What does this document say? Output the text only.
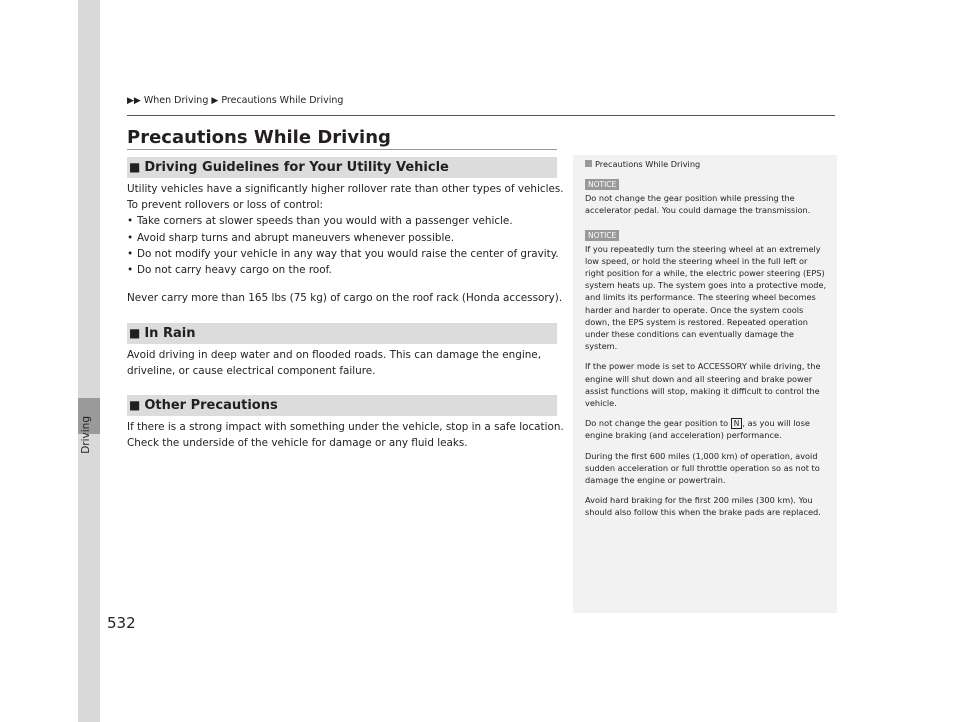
Driving
▶▶ When Driving ▶ Precautions While Driving
Precautions While Driving
■ Driving Guidelines for Your Utility Vehicle

Utility vehicles have a significantly higher rollover rate than other types of vehicles. To prevent rollovers or loss of control:

• Take corners at slower speeds than you would with a passenger vehicle.
• Avoid sharp turns and abrupt maneuvers whenever possible.
• Do not modify your vehicle in any way that you would raise the center of gravity.
• Do not carry heavy cargo on the roof.

Never carry more than 165 lbs (75 kg) of cargo on the roof rack (Honda accessory).

■ In Rain

Avoid driving in deep water and on flooded roads. This can damage the engine, driveline, or cause electrical component failure.

■ Other Precautions

If there is a strong impact with something under the vehicle, stop in a safe location. Check the underside of the vehicle for damage or any fluid leaks.

Precautions While Driving
NOTICE

Do not change the gear position while pressing the accelerator pedal. You could damage the transmission.

NOTICE

If you repeatedly turn the steering wheel at an extremely low speed, or hold the steering wheel in the full left or right position for a while, the electric power steering (EPS) system heats up. The system goes into a protective mode, and limits its performance. The steering wheel becomes harder and harder to operate. Once the system cools down, the EPS system is restored. Repeated operation under these conditions can eventually damage the system.

If the power mode is set to ACCESSORY while driving, the engine will shut down and all steering and brake power assist functions will stop, making it difficult to control the vehicle.

Do not change the gear position to N , as you will lose engine braking (and acceleration) performance.

During the first 600 miles (1,000 km) of operation, avoid sudden acceleration or full throttle operation so as not to damage the engine or powertrain.

Avoid hard braking for the first 200 miles (300 km). You should also follow this when the brake pads are replaced.

532
